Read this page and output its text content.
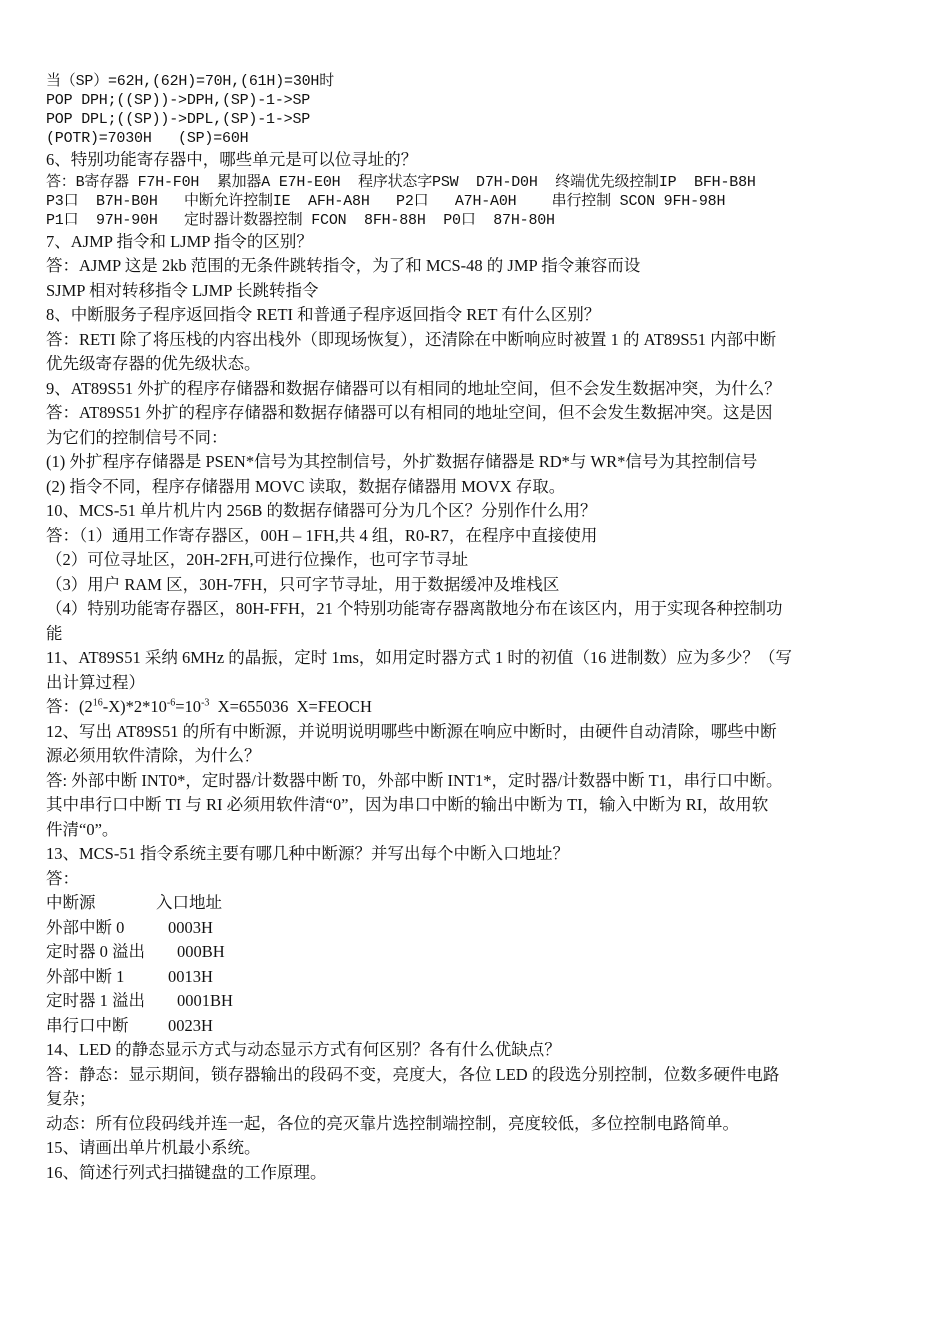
当（SP）=62H,(62H)=70H,(61H)=30H时
POP DPH;((SP))->DPH,(SP)-1->SP
POP DPL;((SP))->DPL,(SP)-1->SP
(POTR)=7030H   (SP)=60H
6、特别功能寄存器中，哪些单元是可以位寻址的？
答：B寄存器 F7H-F0H  累加器A E7H-E0H  程序状态字PSW  D7H-D0H  终端优先级控制IP  BFH-B8H
P3口  B7H-B0H   中断允许控制IE  AFH-A8H   P2口   A7H-A0H    串行控制 SCON 9FH-98H
P1口  97H-90H   定时器计数器控制 FCON  8FH-88H  P0口  87H-80H
7、AJMP 指令和 LJMP 指令的区别？
答：AJMP 这是 2kb 范围的无条件跳转指令，为了和 MCS-48 的 JMP 指令兼容而设
SJMP 相对转移指令 LJMP 长跳转指令
8、中断服务子程序返回指令 RETI 和普通子程序返回指令 RET 有什么区别？
答：RETI 除了将压栈的内容出栈外（即现场恢复），还清除在中断响应时被置 1 的 AT89S51 内部中断
优先级寄存器的优先级状态。
9、AT89S51 外扩的程序存储器和数据存储器可以有相同的地址空间，但不会发生数据冲突，为什么？
答：AT89S51 外扩的程序存储器和数据存储器可以有相同的地址空间，但不会发生数据冲突。这是因
为它们的控制信号不同：
(1) 外扩程序存储器是 PSEN*信号为其控制信号，外扩数据存储器是 RD*与 WR*信号为其控制信号
(2) 指令不同，程序存储器用 MOVC 读取，数据存储器用 MOVX 存取。
10、MCS-51 单片机片内 256B 的数据存储器可分为几个区？分别作什么用？
答：（1）通用工作寄存器区，00H – 1FH,共 4 组，R0-R7，在程序中直接使用
（2）可位寻址区，20H-2FH,可进行位操作，也可字节寻址
（3）用户 RAM 区，30H-7FH，只可字节寻址，用于数据缓冲及堆栈区
（4）特别功能寄存器区，80H-FFH，21 个特别功能寄存器离散地分布在该区内，用于实现各种控制功
能
11、AT89S51 采纳 6MHz 的晶振，定时 1ms，如用定时器方式 1 时的初值（16 进制数）应为多少？（写
出计算过程）
答：$(2^{16}-X)*2*10^{-6}=10^{-3}$  X=655036  X=FEOCH
12、写出 AT89S51 的所有中断源，并说明说明哪些中断源在响应中断时，由硬件自动清除，哪些中断
源必须用软件清除，为什么？
答: 外部中断 INT0*，定时器/计数器中断 T0，外部中断 INT1*，定时器/计数器中断 T1，串行口中断。
其中串行口中断 TI 与 RI 必须用软件清“0”，因为串口中断的输出中断为 TI，输入中断为 RI，故用软
件清“0”。
13、MCS-51 指令系统主要有哪几种中断源？并写出每个中断入口地址？
答：
中断源	入口地址
外部中断 0	0003H
定时器 0 溢出 000BH
外部中断 1	0013H
定时器 1 溢出 0001BH
串行口中断 0023H
14、LED 的静态显示方式与动态显示方式有何区别？各有什么优缺点？
答：静态：显示期间，锁存器输出的段码不变，亮度大，各位 LED 的段选分别控制，位数多硬件电路
复杂；
动态：所有位段码线并连一起，各位的亮灭靠片选控制端控制，亮度较低，多位控制电路简单。
15、请画出单片机最小系统。
16、简述行列式扫描键盘的工作原理。
